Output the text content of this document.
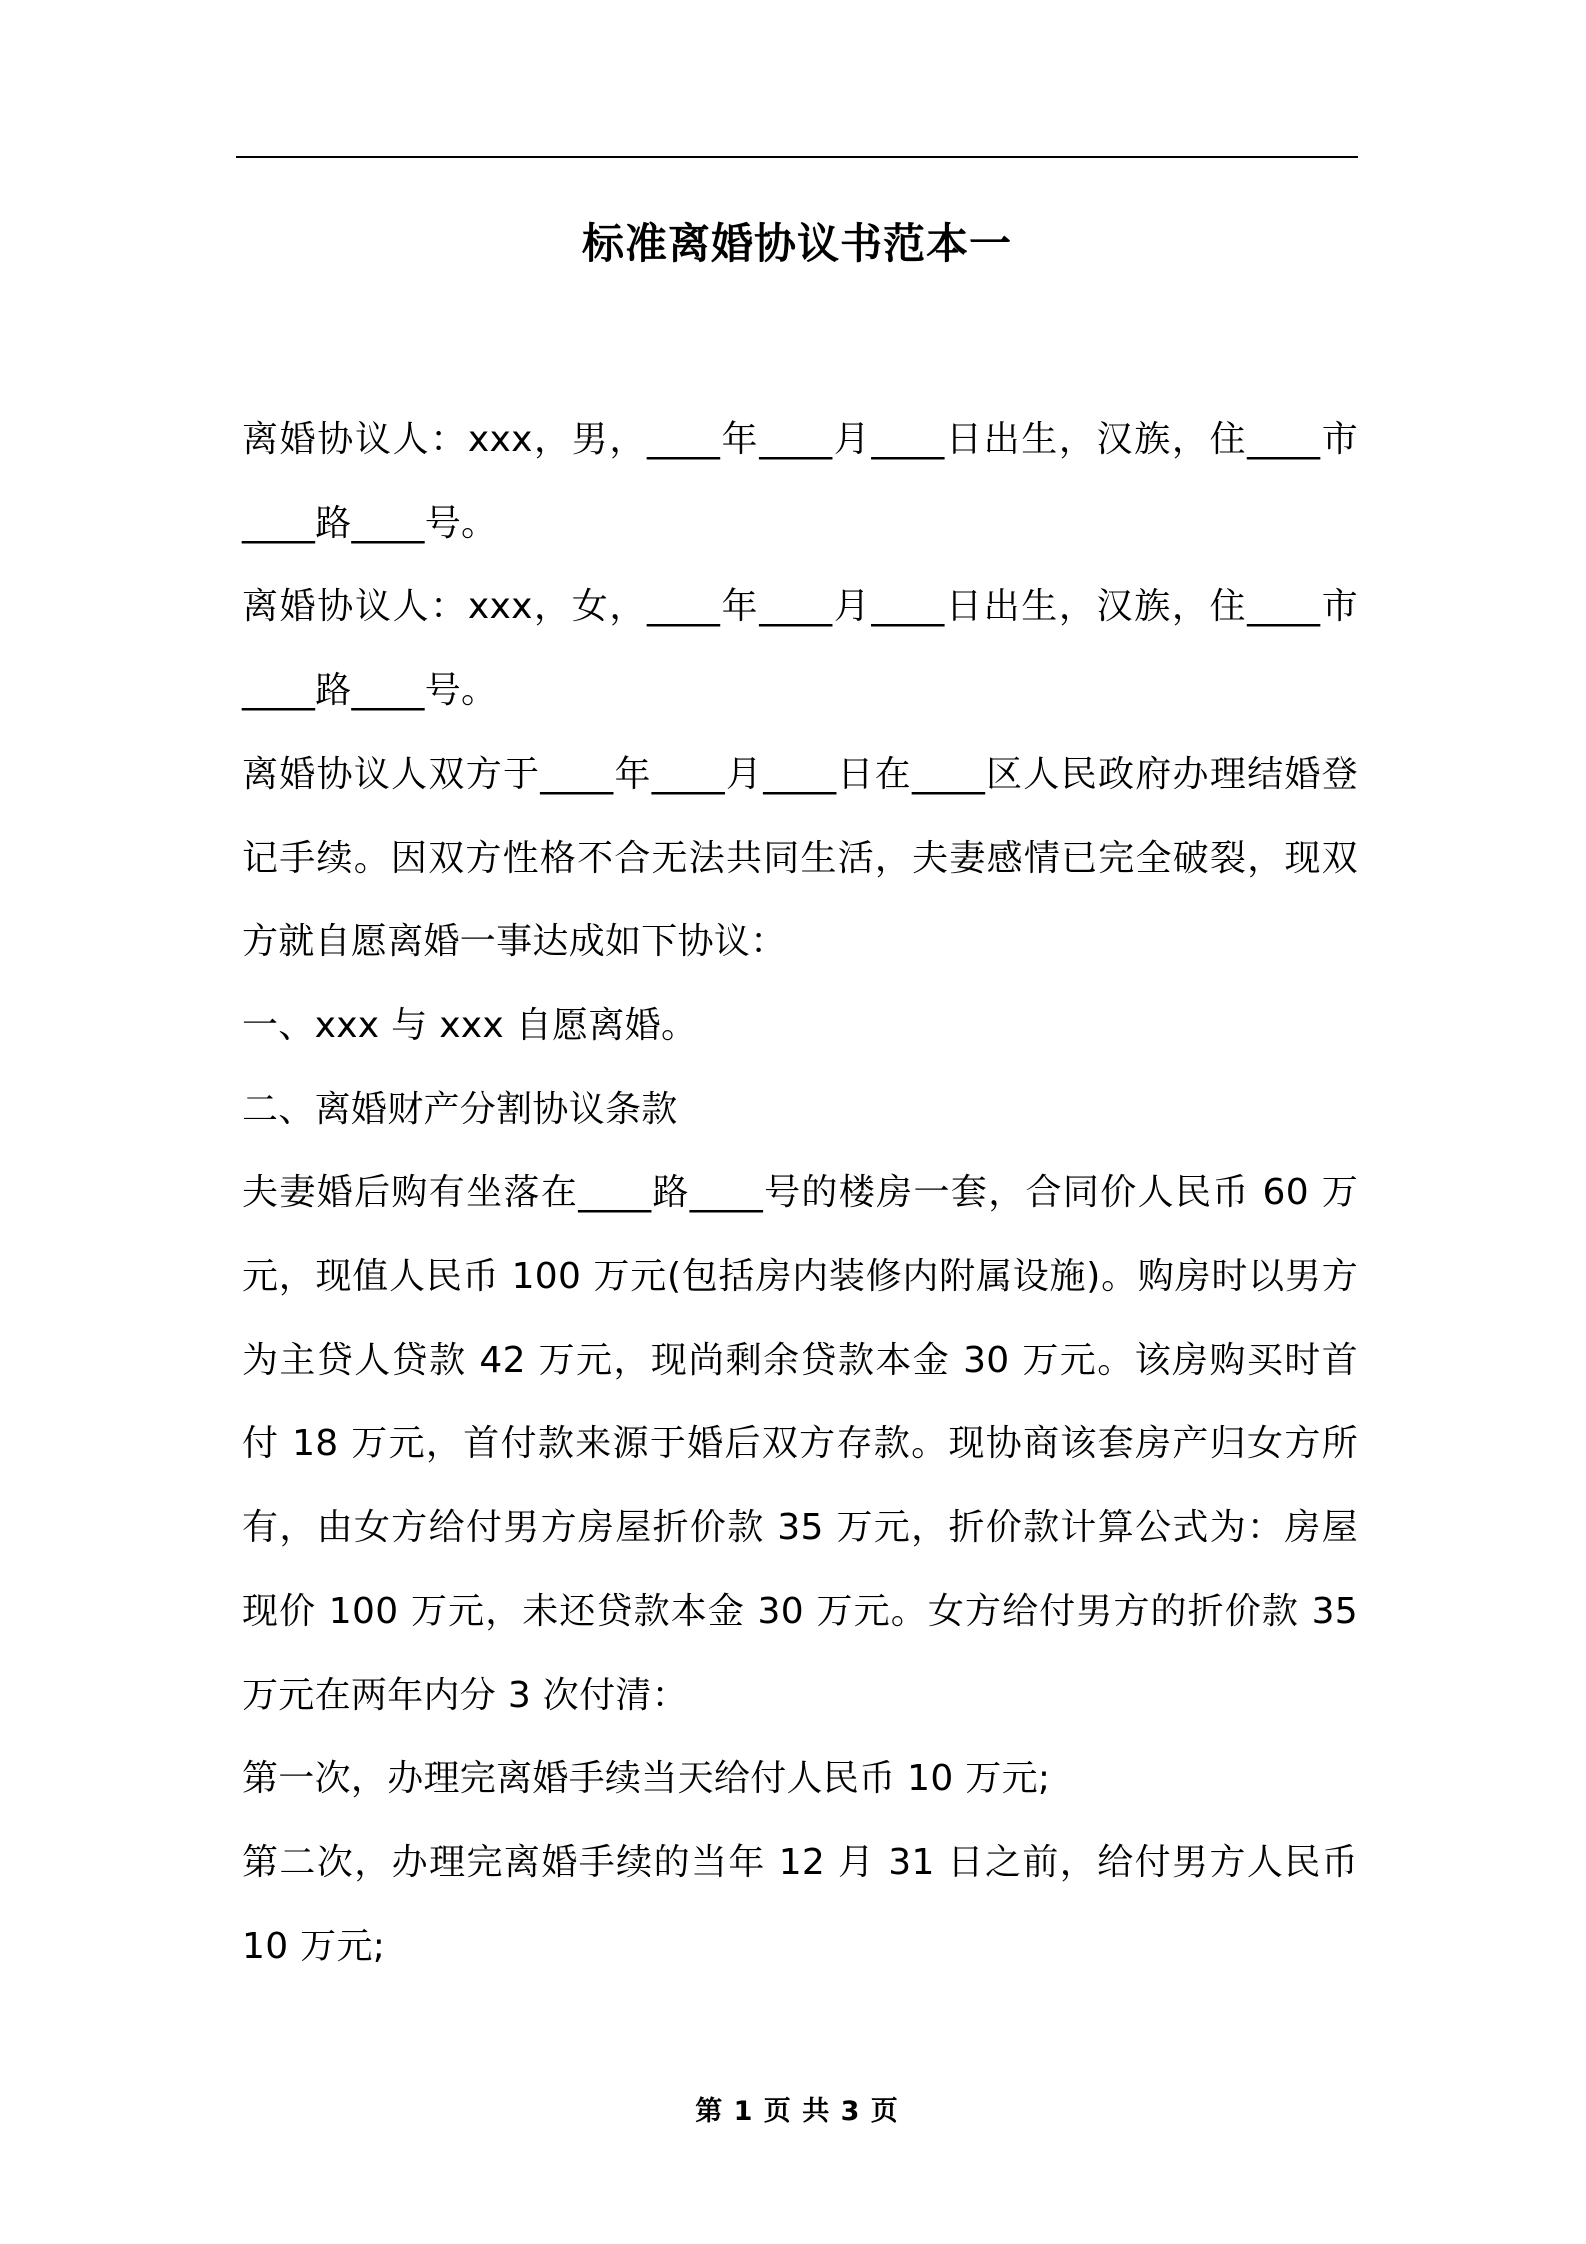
标准离婚协议书范本一

离婚协议人：xxx，男，____年____月____日出生，汉族，住____市____路____号。

离婚协议人：xxx，女，____年____月____日出生，汉族，住____市____路____号。

离婚协议人双方于____年____月____日在____区人民政府办理结婚登记手续。因双方性格不合无法共同生活，夫妻感情已完全破裂，现双方就自愿离婚一事达成如下协议：

一、xxx 与 xxx 自愿离婚。

二、离婚财产分割协议条款

夫妻婚后购有坐落在____路____号的楼房一套，合同价人民币 60 万元，现值人民币 100 万元(包括房内装修内附属设施)。购房时以男方为主贷人贷款 42 万元，现尚剩余贷款本金 30 万元。该房购买时首付 18 万元，首付款来源于婚后双方存款。现协商该套房产归女方所有，由女方给付男方房屋折价款 35 万元，折价款计算公式为：房屋现价 100 万元，未还贷款本金 30 万元。女方给付男方的折价款 35 万元在两年内分 3 次付清：

第一次，办理完离婚手续当天给付人民币 10 万元;

第二次，办理完离婚手续的当年 12 月 31 日之前，给付男方人民币 10 万元;

第 1 页 共 3 页
